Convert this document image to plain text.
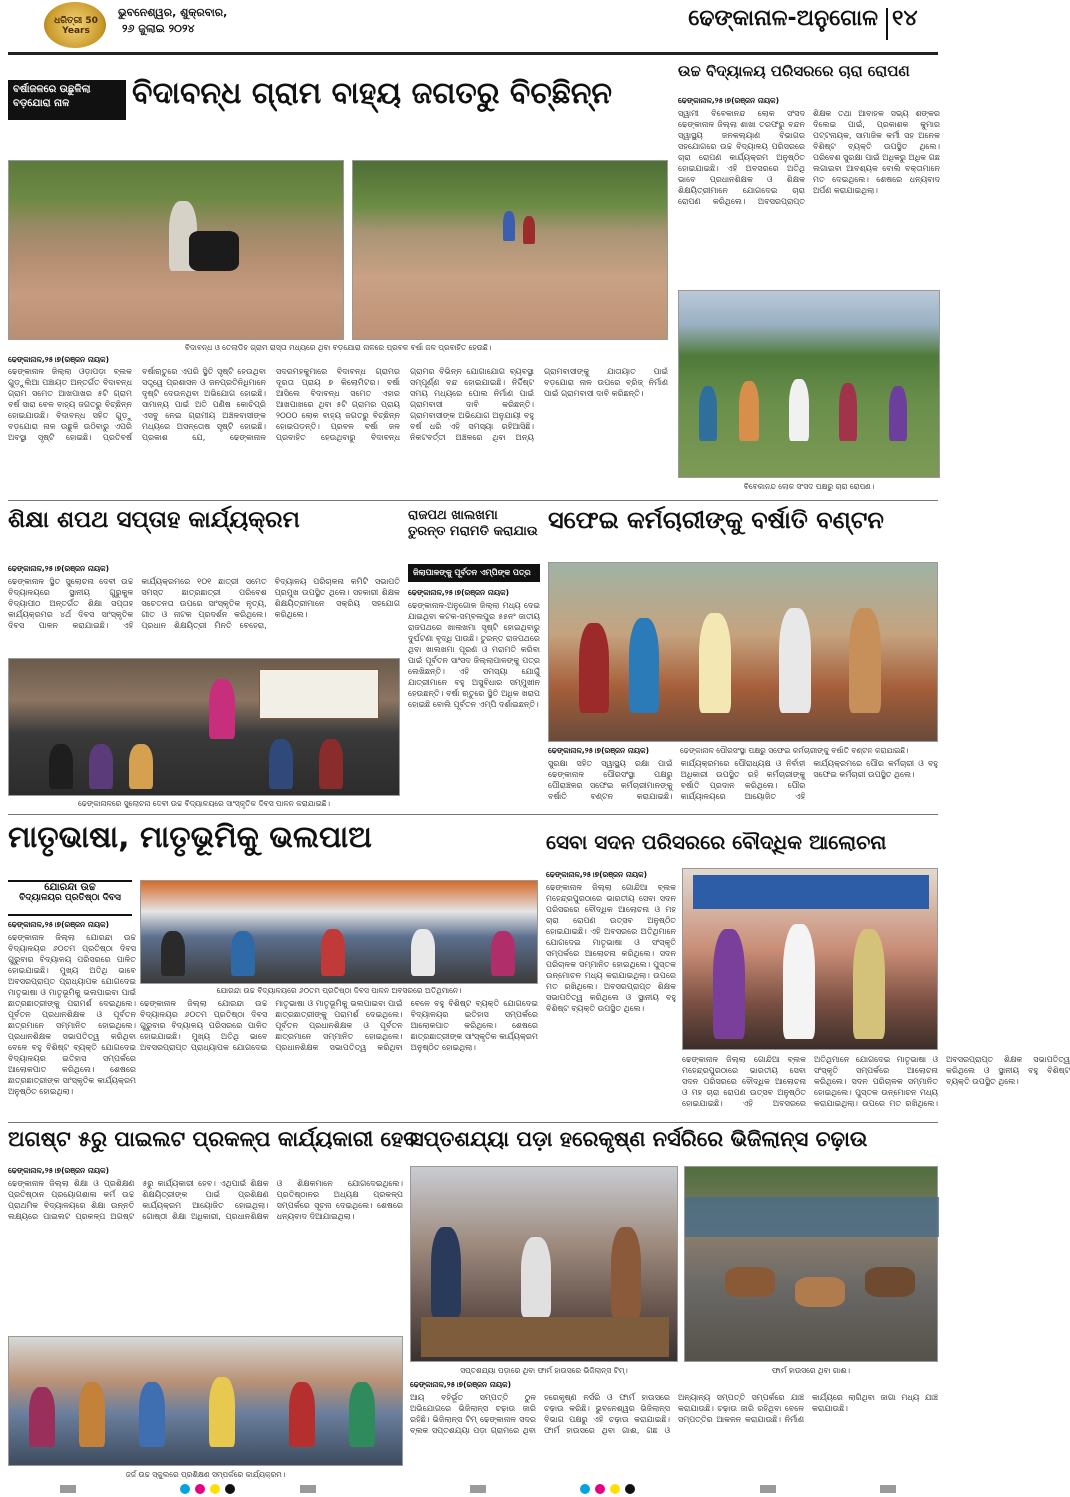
ଧରିତ୍ରୀ 50 Years
ଭୁବନେଶ୍ୱର, ଶୁକ୍ରବାର,
୨୬ ଜୁଲାଇ ୨୦୨୪	ଢେଙ୍କାନାଳ-ଅନୁଗୋଳ ୧୪
ବର୍ଷାଜଳରେ ଉଛୁଳିଲା
ବଡ଼ଯୋରା ନାଳ	ବିଦାବନ୍ଧ ଗ୍ରାମ ବାହ୍ୟ ଜଗତରୁ ବିଚ୍ଛିନ୍ନ
ବିଦାବନ୍ଧ ଓ ତେଲାଡିହ ଗ୍ରାମ ରାସ୍ତା ମଧ୍ୟରେ ଥିବା ବଡ଼ଯୋରା ନାଳରେ ପ୍ରବଳ ବର୍ଷା ଜଳ ପ୍ରବାହିତ ହେଉଛି।
ଢେଙ୍କାନାଳ,୨୫।୭(ରଞ୍ଜନ ନାୟକ)
ଢେଙ୍କାନାଳ ଜିଲ୍ଲା ଓଡ଼ାପଡ଼ା ବ୍ଲକ ଗୁଡ଼ୁଲିଆ ପଞ୍ଚାୟତ ଅନ୍ତର୍ଗତ ବିଦାବନ୍ଧ ଗ୍ରାମ ସମେତ ଆଖପାଖର ୫ଟି ଗ୍ରାମ ବର୍ଷ ସାରା ବେଳ ବାହ୍ୟ ଜଗତରୁ ବିଚ୍ଛିନ୍ନ ହୋଇଯାଉଛି। ବିଦାବନ୍ଧ ସହିତ ଗୁଡ଼ୁ ବଡ଼ଯୋରା ନାଳ ଉଛୁଳି ଉଠିବାରୁ ଏପରି ଅବସ୍ଥା ସୃଷ୍ଟି ହୋଇଛି। ପ୍ରତିବର୍ଷ ବର୍ଷାଋତୁରେ ଏପରି ସ୍ଥିତି ସୃଷ୍ଟି ହେଉଥିବା ସତ୍ତ୍ୱେ ପ୍ରଶାସନ ଓ ଜନପ୍ରତିନିଧିମାନେ ଦୃଷ୍ଟି ଦେଉନଥିବା ଅଭିଯୋଗ ହୋଇଛି। ସାମାନ୍ୟ ପାଇଁ ଅତି ପଣିଷ କୋଚିପ୍ରି ଏସବୁ ନେଇ ଗ୍ରାମୀୟ ଅଞ୍ଚଳବାସୀଙ୍କ ମଧ୍ୟରେ ଅସନ୍ତୋଷ ସୃଷ୍ଟି ହୋଇଛି। ପ୍ରକାଶ ଯେ, ଢେଙ୍କାନାଳ ସଦରମହକୁମାରେ ବିଦାବନ୍ଧ ଗ୍ରାମର ଦୂରତା ପ୍ରାୟ ୭ କିଲୋମିଟର। ବର୍ଷା ଆସିଲେ ବିଦାବନ୍ଧ ସମେତ ଏହାର ଆଖପାଖରେ ଥିବା ୫ଟି ଗ୍ରାମର ପ୍ରାୟ ୨୦୦୦ ଲୋକ ବାହ୍ୟ ଜଗତରୁ ବିଚ୍ଛିନ୍ନ ହୋଇପଡ଼ନ୍ତି। ପ୍ରବଳ ବର୍ଷା ଜଳ ପ୍ରବାହିତ ହେଉଥିବାରୁ ବିଦାବନ୍ଧ ଗ୍ରାମର ବିଭିନ୍ନ ଯୋଗାଯୋଗ ବ୍ୟବସ୍ଥା ସମ୍ପୂର୍ଣ୍ଣ ବନ୍ଦ ହୋଇଯାଇଛି। ନିର୍ଦ୍ଦିଷ୍ଟ ସମୟ ମଧ୍ୟରେ ପୋଲ ନିର୍ମାଣ ପାଇଁ ଗ୍ରାମବାସୀ ଦାବି କରିଛନ୍ତି। ଗ୍ରାମବାସୀଙ୍କ ଅଭିଯୋଗ ଅନୁଯାୟୀ ବହୁ ବର୍ଷ ଧରି ଏହି ସମସ୍ୟା ରହିଆସିଛି। ନିକଟବର୍ତ୍ତୀ ଅଞ୍ଚଳରେ ଥିବା ଅନ୍ୟ ଗ୍ରାମବାସୀଙ୍କୁ ଯାତାୟାତ ପାଇଁ ବଡ଼ଯୋରା ନାଳ ଉପରେ ବ୍ରିଜ୍ ନିର୍ମାଣ ପାଇଁ ଗ୍ରାମବାସୀ ଦାବି କରିଛନ୍ତି।
ଉଚ୍ଚ ବିଦ୍ୟାଳୟ ପରିସରରେ ଚାରା ରୋପଣ
ଢେଙ୍କାନାଳ,୨୫।୭(ରଞ୍ଜନ ନାୟକ)
ସ୍ୱାମୀ ବିବେକାନନ୍ଦ ଲୋକ ସଂସଦ ଢେଙ୍କାନାଳ ଜିଲ୍ଲା ଶାଖା ତରଫରୁ ବନ୍ଦନ ସ୍ୱାସ୍ଥ୍ୟ ଜନକଲ୍ୟାଣ ବିଭାଗର ସହଯୋଗରେ ଉଚ୍ଚ ବିଦ୍ୟାଳୟ ପରିସରରେ ଚାରା ରୋପଣ କାର୍ଯ୍ୟକ୍ରମ ଅନୁଷ୍ଠିତ ହୋଇଯାଇଛି। ଏହି ଅବସରରେ ଅତିଥି ଭାବେ ପ୍ରଧାନଶିକ୍ଷକ ଓ ଶିକ୍ଷକ ଶିକ୍ଷୟିତ୍ରୀମାନେ ଯୋଗଦେଇ ଚାରା ରୋପଣ କରିଥିଲେ। ଅବସରପ୍ରାପ୍ତ ଶିକ୍ଷକ ତଥା ଆବାହକ ସଭ୍ୟ ଶଙ୍କର ଦିଲେଇ ପାଇଁ, ପ୍ରକାଶକ କୁମାର ପଟ୍ଟନାୟକ, ସାମାଜିକ କର୍ମୀ ସହ ଅନେକ ବିଶିଷ୍ଟ ବ୍ୟକ୍ତି ଉପସ୍ଥିତ ଥିଲେ। ପରିବେଶ ସୁରକ୍ଷା ପାଇଁ ଅଧିକରୁ ଅଧିକ ଗଛ ଲଗାଇବା ଆବଶ୍ୟକ ବୋଲି ବକ୍ତାମାନେ ମତ ଦେଇଥିଲେ। ଶେଷରେ ଧନ୍ୟବାଦ ଅର୍ପଣ କରାଯାଇଥିଲା।
ବିବେକାନନ୍ଦ ଲୋକ ସଂସଦ ପକ୍ଷରୁ ଚାରା ରୋପଣ।
ଶିକ୍ଷା ଶପଥ ସପ୍ତାହ କାର୍ଯ୍ୟକ୍ରମ
ଢେଙ୍କାନାଳ,୨୫।୭(ରଞ୍ଜନ ନାୟକ)
ଢେଙ୍କାନାଳ ସ୍ଥିତ ସୁଲୋଚନା ଦେବୀ ଉଚ୍ଚ ବିଦ୍ୟାଳୟରେ ସ୍ଥାନୀୟ ଗୁରୁକୁଳ ବିଦ୍ୟାପୀଠ ଅନ୍ତର୍ଗତ ଶିକ୍ଷା ସପ୍ତାହ କାର୍ଯ୍ୟକ୍ରମର ୪ର୍ଥ ଦିବସ ସାଂସ୍କୃତିକ ଦିବସ ପାଳନ କରାଯାଇଛି। ଏହି କାର୍ଯ୍ୟକ୍ରମରେ ୧୦୧ ଛାତ୍ରୀ ସମେତ ସମସ୍ତ ଛାତ୍ରଛାତ୍ରୀ ପରିବେଶ ସଚେତନତା ଉପରେ ସାଂସ୍କୃତିକ ନୃତ୍ୟ, ଗୀତ ଓ ନାଟକ ପ୍ରଦର୍ଶନ କରିଥିଲେ। ପ୍ରଧାନ ଶିକ୍ଷୟିତ୍ରୀ ମିନତି ବେହେରା, ବିଦ୍ୟାଳୟ ପରିଚାଳନା କମିଟି ସଭାପତି ପ୍ରମୁଖ ଉପସ୍ଥିତ ଥିଲେ। ସହକାରୀ ଶିକ୍ଷକ ଶିକ୍ଷୟିତ୍ରୀମାନେ ସକ୍ରିୟ ସହଯୋଗ କରିଥିଲେ।
ଢେଙ୍କାନାଳରେ ସୁଲୋଚନା ଦେବୀ ଉଚ୍ଚ ବିଦ୍ୟାଳୟରେ ସାଂସ୍କୃତିକ ଦିବସ ପାଳନ କରାଯାଇଛି।
ରାଜପଥ ଖାଲଖମା ତୁରନ୍ତ ମରାମତି କରାଯାଉ
ଜିଲାପାଳଙ୍କୁ ପୂର୍ବତନ ଏମ୍‌ପିଙ୍କ ପତ୍ର
ଢେଙ୍କାନାଳ,୨୫।୭(ରଞ୍ଜନ ନାୟକ)
ଢେଙ୍କାନାଳ-ଅନୁଗୋଳ ଜିଲ୍ଲା ମଧ୍ୟ ଦେଇ ଯାଇଥିବା କଟକ-ସମ୍ବଲପୁର ୫୫ନଂ ଜାତୀୟ ରାଜପଥରେ ଖାଲଖମା ସୃଷ୍ଟି ହୋଇଥିବାରୁ ଦୁର୍ଘଟଣା ବୃଦ୍ଧି ପାଉଛି। ତୁରନ୍ତ ରାଜପଥରେ ଥିବା ଖାଲଖମା ପୂରଣ ଓ ମରାମତି କରିବା ପାଇଁ ପୂର୍ବତନ ସାଂସଦ ଜିଲ୍ଲାପାଳଙ୍କୁ ପତ୍ର ଲେଖିଛନ୍ତି। ଏହି ସମସ୍ୟା ଯୋଗୁଁ ଯାତ୍ରୀମାନେ ବହୁ ଅସୁବିଧାର ସମ୍ମୁଖୀନ ହେଉଛନ୍ତି। ବର୍ଷା ଋତୁରେ ସ୍ଥିତି ଅଧିକ ଖରାପ ହୋଇଛି ବୋଲି ପୂର୍ବତନ ଏମ୍‌ପି ଦର୍ଶାଇଛନ୍ତି।
ସଫେଇ କର୍ମଚାରୀଙ୍କୁ ବର୍ଷାତି ବଣ୍ଟନ
ଢେଙ୍କାନାଳ,୨୫।୭(ରଞ୍ଜନ ନାୟକ)	ଢେଙ୍କାନାଳ ପୌରସଂସ୍ଥା ପକ୍ଷରୁ ସଫେଇ କର୍ମଚାରୀଙ୍କୁ ବର୍ଷାତି ବଣ୍ଟନ କରାଯାଇଛି।
ସୁରକ୍ଷା ସହିତ ସ୍ୱାସ୍ଥ୍ୟ ରକ୍ଷା ପାଇଁ ଢେଙ୍କାନାଳ ପୌରସଂସ୍ଥା ପକ୍ଷରୁ ପୌରାଞ୍ଚଳର ସଫେଇ କର୍ମଚାରୀମାନଙ୍କୁ ବର୍ଷାତି ବଣ୍ଟନ କରାଯାଇଛି। କାର୍ଯ୍ୟକ୍ରମରେ ପୌରାଧ୍ୟକ୍ଷ ଓ ନିର୍ବାହୀ ଅଧିକାରୀ ଉପସ୍ଥିତ ରହି କର୍ମଚାରୀଙ୍କୁ ବର୍ଷାତି ପ୍ରଦାନ କରିଥିଲେ। ପୌର କାର୍ଯ୍ୟାଳୟରେ ଆୟୋଜିତ ଏହି କାର୍ଯ୍ୟକ୍ରମରେ ପୌର କର୍ମଚାରୀ ଓ ବହୁ ସଫେଇ କର୍ମଚାରୀ ଉପସ୍ଥିତ ଥିଲେ।
ମାତୃଭାଷା, ମାତୃଭୂମିକୁ ଭଲପାଅ
ଯୋରନ୍ଦା ଉଚ୍ଚ
ବିଦ୍ୟାଳୟର ପ୍ରତିଷ୍ଠା ଦିବସ
ଢେଙ୍କାନାଳ,୨୫।୭(ରଞ୍ଜନ ନାୟକ)
ଯୋରନ୍ଦା ଉଚ୍ଚ ବିଦ୍ୟାଳୟରେ ୬୦ତମ ପ୍ରତିଷ୍ଠା ଦିବସ ପାଳନ ଅବସରରେ ଅତିଥିମାନେ।
ଢେଙ୍କାନାଳ ଜିଲ୍ଲା ଯୋରନ୍ଦା ଉଚ୍ଚ ବିଦ୍ୟାଳୟର ୬୦ତମ ପ୍ରତିଷ୍ଠା ଦିବସ ଗୁରୁବାର ବିଦ୍ୟାଳୟ ପରିସରରେ ପାଳିତ ହୋଇଯାଇଛି। ମୁଖ୍ୟ ଅତିଥି ଭାବେ ଅବସରପ୍ରାପ୍ତ ପ୍ରାଧ୍ୟାପକ ଯୋଗଦେଇ ମାତୃଭାଷା ଓ ମାତୃଭୂମିକୁ ଭଲପାଇବା ପାଇଁ ଛାତ୍ରଛାତ୍ରୀଙ୍କୁ ପରାମର୍ଶ ଦେଇଥିଲେ। ପୂର୍ବତନ ପ୍ରଧାନଶିକ୍ଷକ ଓ ପୂର୍ବତନ ଛାତ୍ରମାନେ ସମ୍ମାନିତ ହୋଇଥିଲେ। ପ୍ରଧାନଶିକ୍ଷକ ସଭାପତିତ୍ୱ କରିଥିବା ବେଳେ ବହୁ ବିଶିଷ୍ଟ ବ୍ୟକ୍ତି ଯୋଗଦେଇ ବିଦ୍ୟାଳୟର ଇତିହାସ ସମ୍ପର୍କରେ ଆଲୋକପାତ କରିଥିଲେ। ଶେଷରେ ଛାତ୍ରଛାତ୍ରୀଙ୍କ ସାଂସ୍କୃତିକ କାର୍ଯ୍ୟକ୍ରମ ଅନୁଷ୍ଠିତ ହୋଇଥିଲା।
ଢେଙ୍କାନାଳ ଜିଲ୍ଲା ଯୋରନ୍ଦା ଉଚ୍ଚ ବିଦ୍ୟାଳୟର ୬୦ତମ ପ୍ରତିଷ୍ଠା ଦିବସ ଗୁରୁବାର ବିଦ୍ୟାଳୟ ପରିସରରେ ପାଳିତ ହୋଇଯାଇଛି। ମୁଖ୍ୟ ଅତିଥି ଭାବେ ଅବସରପ୍ରାପ୍ତ ପ୍ରାଧ୍ୟାପକ ଯୋଗଦେଇ ମାତୃଭାଷା ଓ ମାତୃଭୂମିକୁ ଭଲପାଇବା ପାଇଁ ଛାତ୍ରଛାତ୍ରୀଙ୍କୁ ପରାମର୍ଶ ଦେଇଥିଲେ। ପୂର୍ବତନ ପ୍ରଧାନଶିକ୍ଷକ ଓ ପୂର୍ବତନ ଛାତ୍ରମାନେ ସମ୍ମାନିତ ହୋଇଥିଲେ। ପ୍ରଧାନଶିକ୍ଷକ ସଭାପତିତ୍ୱ କରିଥିବା ବେଳେ ବହୁ ବିଶିଷ୍ଟ ବ୍ୟକ୍ତି ଯୋଗଦେଇ ବିଦ୍ୟାଳୟର ଇତିହାସ ସମ୍ପର୍କରେ ଆଲୋକପାତ କରିଥିଲେ। ଶେଷରେ ଛାତ୍ରଛାତ୍ରୀଙ୍କ ସାଂସ୍କୃତିକ କାର୍ଯ୍ୟକ୍ରମ ଅନୁଷ୍ଠିତ ହୋଇଥିଲା।
ସେବା ସଦନ ପରିସରରେ ବୌଦ୍ଧିକ ଆଲୋଚନା
ଢେଙ୍କାନାଳ,୨୫।୭(ରଞ୍ଜନ ନାୟକ)
ଢେଙ୍କାନାଳ ଜିଲ୍ଲା ଗୋନ୍ଦିଆ ବ୍ଲକ ମହେନ୍ଦ୍ରପୁରଠାରେ ଭାରତୀୟ ସେବା ସଦନ ପରିସରରେ ବୌଦ୍ଧିକ ଆଲୋଚନା ଓ ମହ ଚାରା ରୋପଣ ଉତ୍ସବ ଅନୁଷ୍ଠିତ ହୋଇଯାଇଛି। ଏହି ଅବସରରେ ଅତିଥିମାନେ ଯୋଗଦେଇ ମାତୃଭାଷା ଓ ସଂସ୍କୃତି ସମ୍ପର୍କରେ ଆଲୋଚନା କରିଥିଲେ। ସଦନ ପରିଚାଳକ ସମ୍ମାନିତ ହୋଇଥିଲେ। ପୁସ୍ତକ ଉନ୍ମୋଚନ ମଧ୍ୟ କରାଯାଇଥିଲା। ଉପରେ ମତ ରଖିଥିଲେ। ଅବସରପ୍ରାପ୍ତ ଶିକ୍ଷକ ସଭାପତିତ୍ୱ କରିଥିଲେ ଓ ସ୍ଥାନୀୟ ବହୁ ବିଶିଷ୍ଟ ବ୍ୟକ୍ତି ଉପସ୍ଥିତ ଥିଲେ।
ଢେଙ୍କାନାଳ ଜିଲ୍ଲା ଗୋନ୍ଦିଆ ବ୍ଲକ ମହେନ୍ଦ୍ରପୁରଠାରେ ଭାରତୀୟ ସେବା ସଦନ ପରିସରରେ ବୌଦ୍ଧିକ ଆଲୋଚନା ଓ ମହ ଚାରା ରୋପଣ ଉତ୍ସବ ଅନୁଷ୍ଠିତ ହୋଇଯାଇଛି। ଏହି ଅବସରରେ ଅତିଥିମାନେ ଯୋଗଦେଇ ମାତୃଭାଷା ଓ ସଂସ୍କୃତି ସମ୍ପର୍କରେ ଆଲୋଚନା କରିଥିଲେ। ସଦନ ପରିଚାଳକ ସମ୍ମାନିତ ହୋଇଥିଲେ। ପୁସ୍ତକ ଉନ୍ମୋଚନ ମଧ୍ୟ କରାଯାଇଥିଲା। ଉପରେ ମତ ରଖିଥିଲେ। ଅବସରପ୍ରାପ୍ତ ଶିକ୍ଷକ ସଭାପତିତ୍ୱ କରିଥିଲେ ଓ ସ୍ଥାନୀୟ ବହୁ ବିଶିଷ୍ଟ ବ୍ୟକ୍ତି ଉପସ୍ଥିତ ଥିଲେ।
ଅଗଷ୍ଟ ୫ରୁ ପାଇଲଟ ପ୍ରକଳ୍ପ କାର୍ଯ୍ୟକାରୀ ହେବ
ଢେଙ୍କାନାଳ,୨୫।୭(ରଞ୍ଜନ ନାୟକ)
ଢେଙ୍କାନାଳ ଜିଲ୍ଲା ଶିକ୍ଷା ଓ ପ୍ରଶିକ୍ଷଣ ପ୍ରତିଷ୍ଠାନ ପ୍ରୟୋଗଶାଳା କର୍ମ ଉଚ୍ଚ ପ୍ରାଥମିକ ବିଦ୍ୟାଳୟରେ ଶିକ୍ଷା ଉନ୍ନତି ଲକ୍ଷ୍ୟରେ ପାଇଲଟ ପ୍ରକଳ୍ପ ଅଗଷ୍ଟ ୫ରୁ କାର୍ଯ୍ୟକାରୀ ହେବ। ଏଥିପାଇଁ ଶିକ୍ଷକ ଶିକ୍ଷୟିତ୍ରୀଙ୍କ ପାଇଁ ପ୍ରଶିକ୍ଷଣ କାର୍ଯ୍ୟକ୍ରମ ଆୟୋଜିତ ହୋଇଥିଲା। ଗୋଷ୍ଠୀ ଶିକ୍ଷା ଅଧିକାରୀ, ପ୍ରଧାନଶିକ୍ଷକ ଓ ଶିକ୍ଷକମାନେ ଯୋଗଦେଇଥିଲେ। ପ୍ରତିଷ୍ଠାନର ଅଧ୍ୟକ୍ଷ ପ୍ରକଳ୍ପ ସମ୍ପର୍କରେ ସୂଚନା ଦେଇଥିଲେ। ଶେଷରେ ଧନ୍ୟବାଦ ଦିଆଯାଇଥିଲା।
ଜର୍ଜ ଉଚ୍ଚ ସ୍କୁଲରେ ପ୍ରଶିକ୍ଷଣ ସମ୍ପର୍କରେ କାର୍ଯ୍ୟକ୍ରମ।
ସପ୍ତଶଯ୍ୟା ପଡ଼ା ହରେକୃଷ୍ଣ ନର୍ସରିରେ ଭିଜିଲାନ୍ସ ଚଢ଼ାଉ
ସପ୍ତଶଯ୍ୟା ପଡ଼ାରେ ଥିବା ଫାର୍ମ ହାଉସରେ ଭିଜିଲାନ୍ସ ଟିମ୍।	ଫାର୍ମ ହାଉସରେ ଥିବା ଗାଈ।
ଢେଙ୍କାନାଳ,୨୫।୭(ରଞ୍ଜନ ନାୟକ)
ଆୟ ବହିର୍ଭୂତ ସମ୍ପତ୍ତି ଠୁଳ ଅଭିଯୋଗରେ ଭିଜିଲାନ୍ସ ଚଢ଼ାଉ ଜାରି ରହିଛି। ଭିଜିଲାନ୍ସ ଟିମ୍ ଢେଙ୍କାନାଳ ସଦର ବ୍ଲକ ସପ୍ତଶଯ୍ୟା ପଡ଼ା ଗ୍ରାମରେ ଥିବା ହରେକୃଷ୍ଣ ନର୍ସରି ଓ ଫାର୍ମ ହାଉସରେ ଚଢ଼ାଉ କରିଛି। ଭୁବନେଶ୍ୱର ଭିଜିଲାନ୍ସ ବିଭାଗ ପକ୍ଷରୁ ଏହି ଚଢ଼ାଉ କରାଯାଇଛି। ଫାର୍ମ ହାଉସରେ ଥିବା ଗାଈ, ଗଛ ଓ ଅନ୍ୟାନ୍ୟ ସମ୍ପତ୍ତି ସମ୍ପର୍କରେ ଯାଞ୍ଚ କରାଯାଉଛି। ଚଢ଼ାଉ ଜାରି ରହିଥିବା ବେଳେ ସମ୍ପତ୍ତିର ଆକଳନ କରାଯାଉଛି। ନିର୍ମାଣ କାର୍ଯ୍ୟରେ ଲାଗିଥିବା ଜାଗା ମଧ୍ୟ ଯାଞ୍ଚ କରାଯାଉଛି।
